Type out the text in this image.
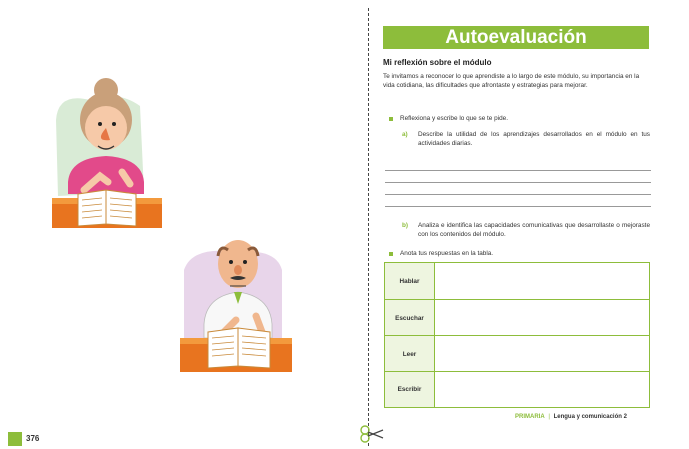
376
Autoevaluación
Mi reflexión sobre el módulo
Te invitamos a reconocer lo que aprendiste a lo largo de este módulo, su importancia en la vida cotidiana, las dificultades que afrontaste y estrategias para mejorar.
Reflexiona y escribe lo que se te pide.
a) Describe la utilidad de los aprendizajes desarrollados en el módulo en tus actividades diarias.
b) Analiza e identifica las capacidades comunicativas que desarrollaste o mejoraste con los contenidos del módulo.
Anota tus respuestas en la tabla.
Hablar
Escuchar
Leer
Escribir
PRIMARIA | Lengua y comunicación 2
